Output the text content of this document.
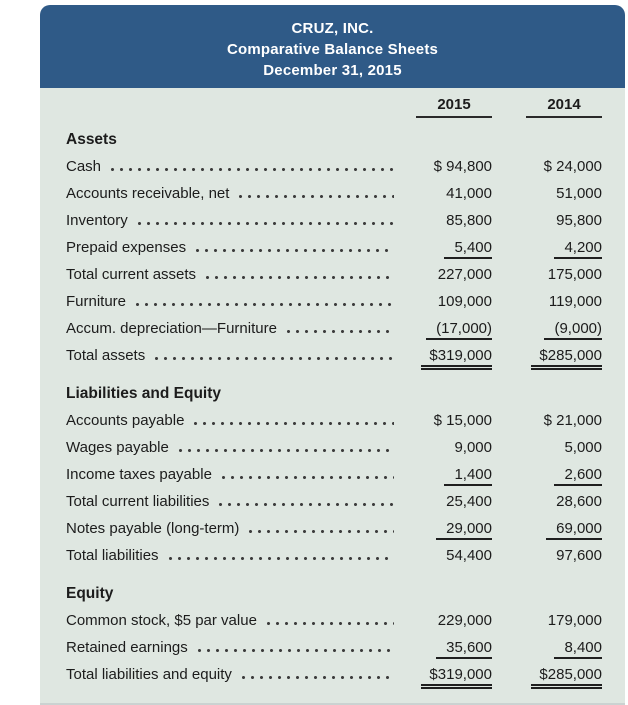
CRUZ, INC.
Comparative Balance Sheets
December 31, 2015
2015	2014
Assets
Cash	$ 94,800	$ 24,000
Accounts receivable, net	41,000	51,000
Inventory	85,800	95,800
Prepaid expenses	5,400	4,200
Total current assets	227,000	175,000
Furniture	109,000	119,000
Accum. depreciation—Furniture	(17,000)	(9,000)
Total assets	$319,000	$285,000
Liabilities and Equity
Accounts payable	$ 15,000	$ 21,000
Wages payable	9,000	5,000
Income taxes payable	1,400	2,600
Total current liabilities	25,400	28,600
Notes payable (long-term)	29,000	69,000
Total liabilities	54,400	97,600
Equity
Common stock, $5 par value	229,000	179,000
Retained earnings	35,600	8,400
Total liabilities and equity	$319,000	$285,000
